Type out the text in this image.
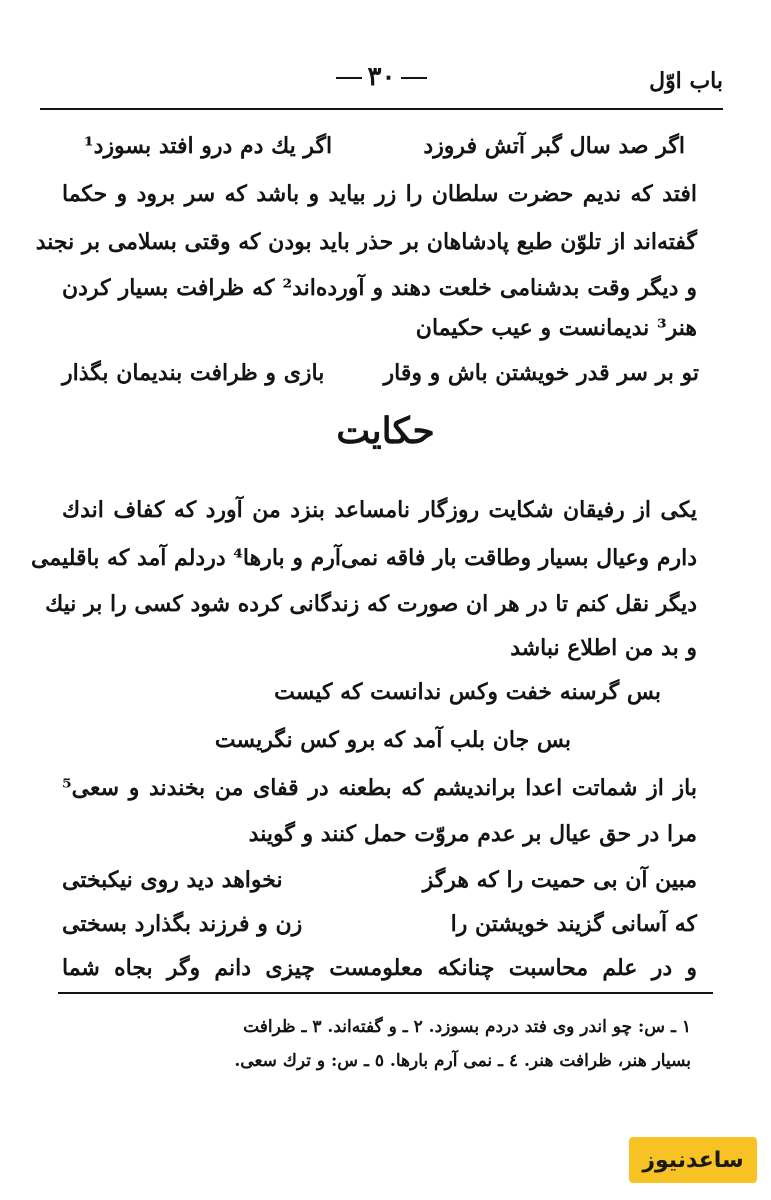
باب اوّل
٣٠
اگر صد سال گبر آتش فروزد
اگر یك دم درو افتد بسوزد¹
افتد که ندیم حضرت سلطان را زر بیاید و باشد که سر برود و حکما
گفته‌اند از تلوّن طبع پادشاهان بر حذر باید بودن که وقتی بسلامی بر نجند
و دیگر وقت بدشنامی خلعت دهند و آورده‌اند² که ظرافت بسیار کردن
هنر³ ندیمانست و عیب حکیمان
تو بر سر قدر خویشتن باش و وقار
بازی و ظرافت بندیمان بگذار
حکایت
یکی از رفیقان شکایت روزگار نامساعد بنزد من آورد که کفاف اندك
دارم وعیال بسیار وطاقت بار فاقه نمی‌آرم و بارها⁴ دردلم آمد که باقلیمی
دیگر نقل کنم تا در هر ان صورت که زندگانی کرده شود کسی را بر نیك
و بد من اطلاع نباشد
بس گرسنه خفت وکس ندانست که کیست
بس جان بلب آمد که برو کس نگریست
باز از شماتت اعدا براندیشم که بطعنه در قفای من بخندند و سعی⁵
مرا در حق عیال بر عدم مروّت حمل کنند و گویند
مبین آن بی حمیت را که هرگز
نخواهد دید روی نیکبختی
که آسانی گزیند خویشتن را
زن و فرزند بگذارد بسختی
و در علم محاسبت چنانکه معلومست چیزی دانم وگر بجاه شما
١ ـ س: چو اندر وی فتد دردم بسوزد. ٢ ـ و گفته‌اند. ٣ ـ ظرافت
بسیار هنر، ظرافت هنر. ٤ ـ نمی آرم بارها. ٥ ـ س: و ترك سعی.
ساعدنیوز
